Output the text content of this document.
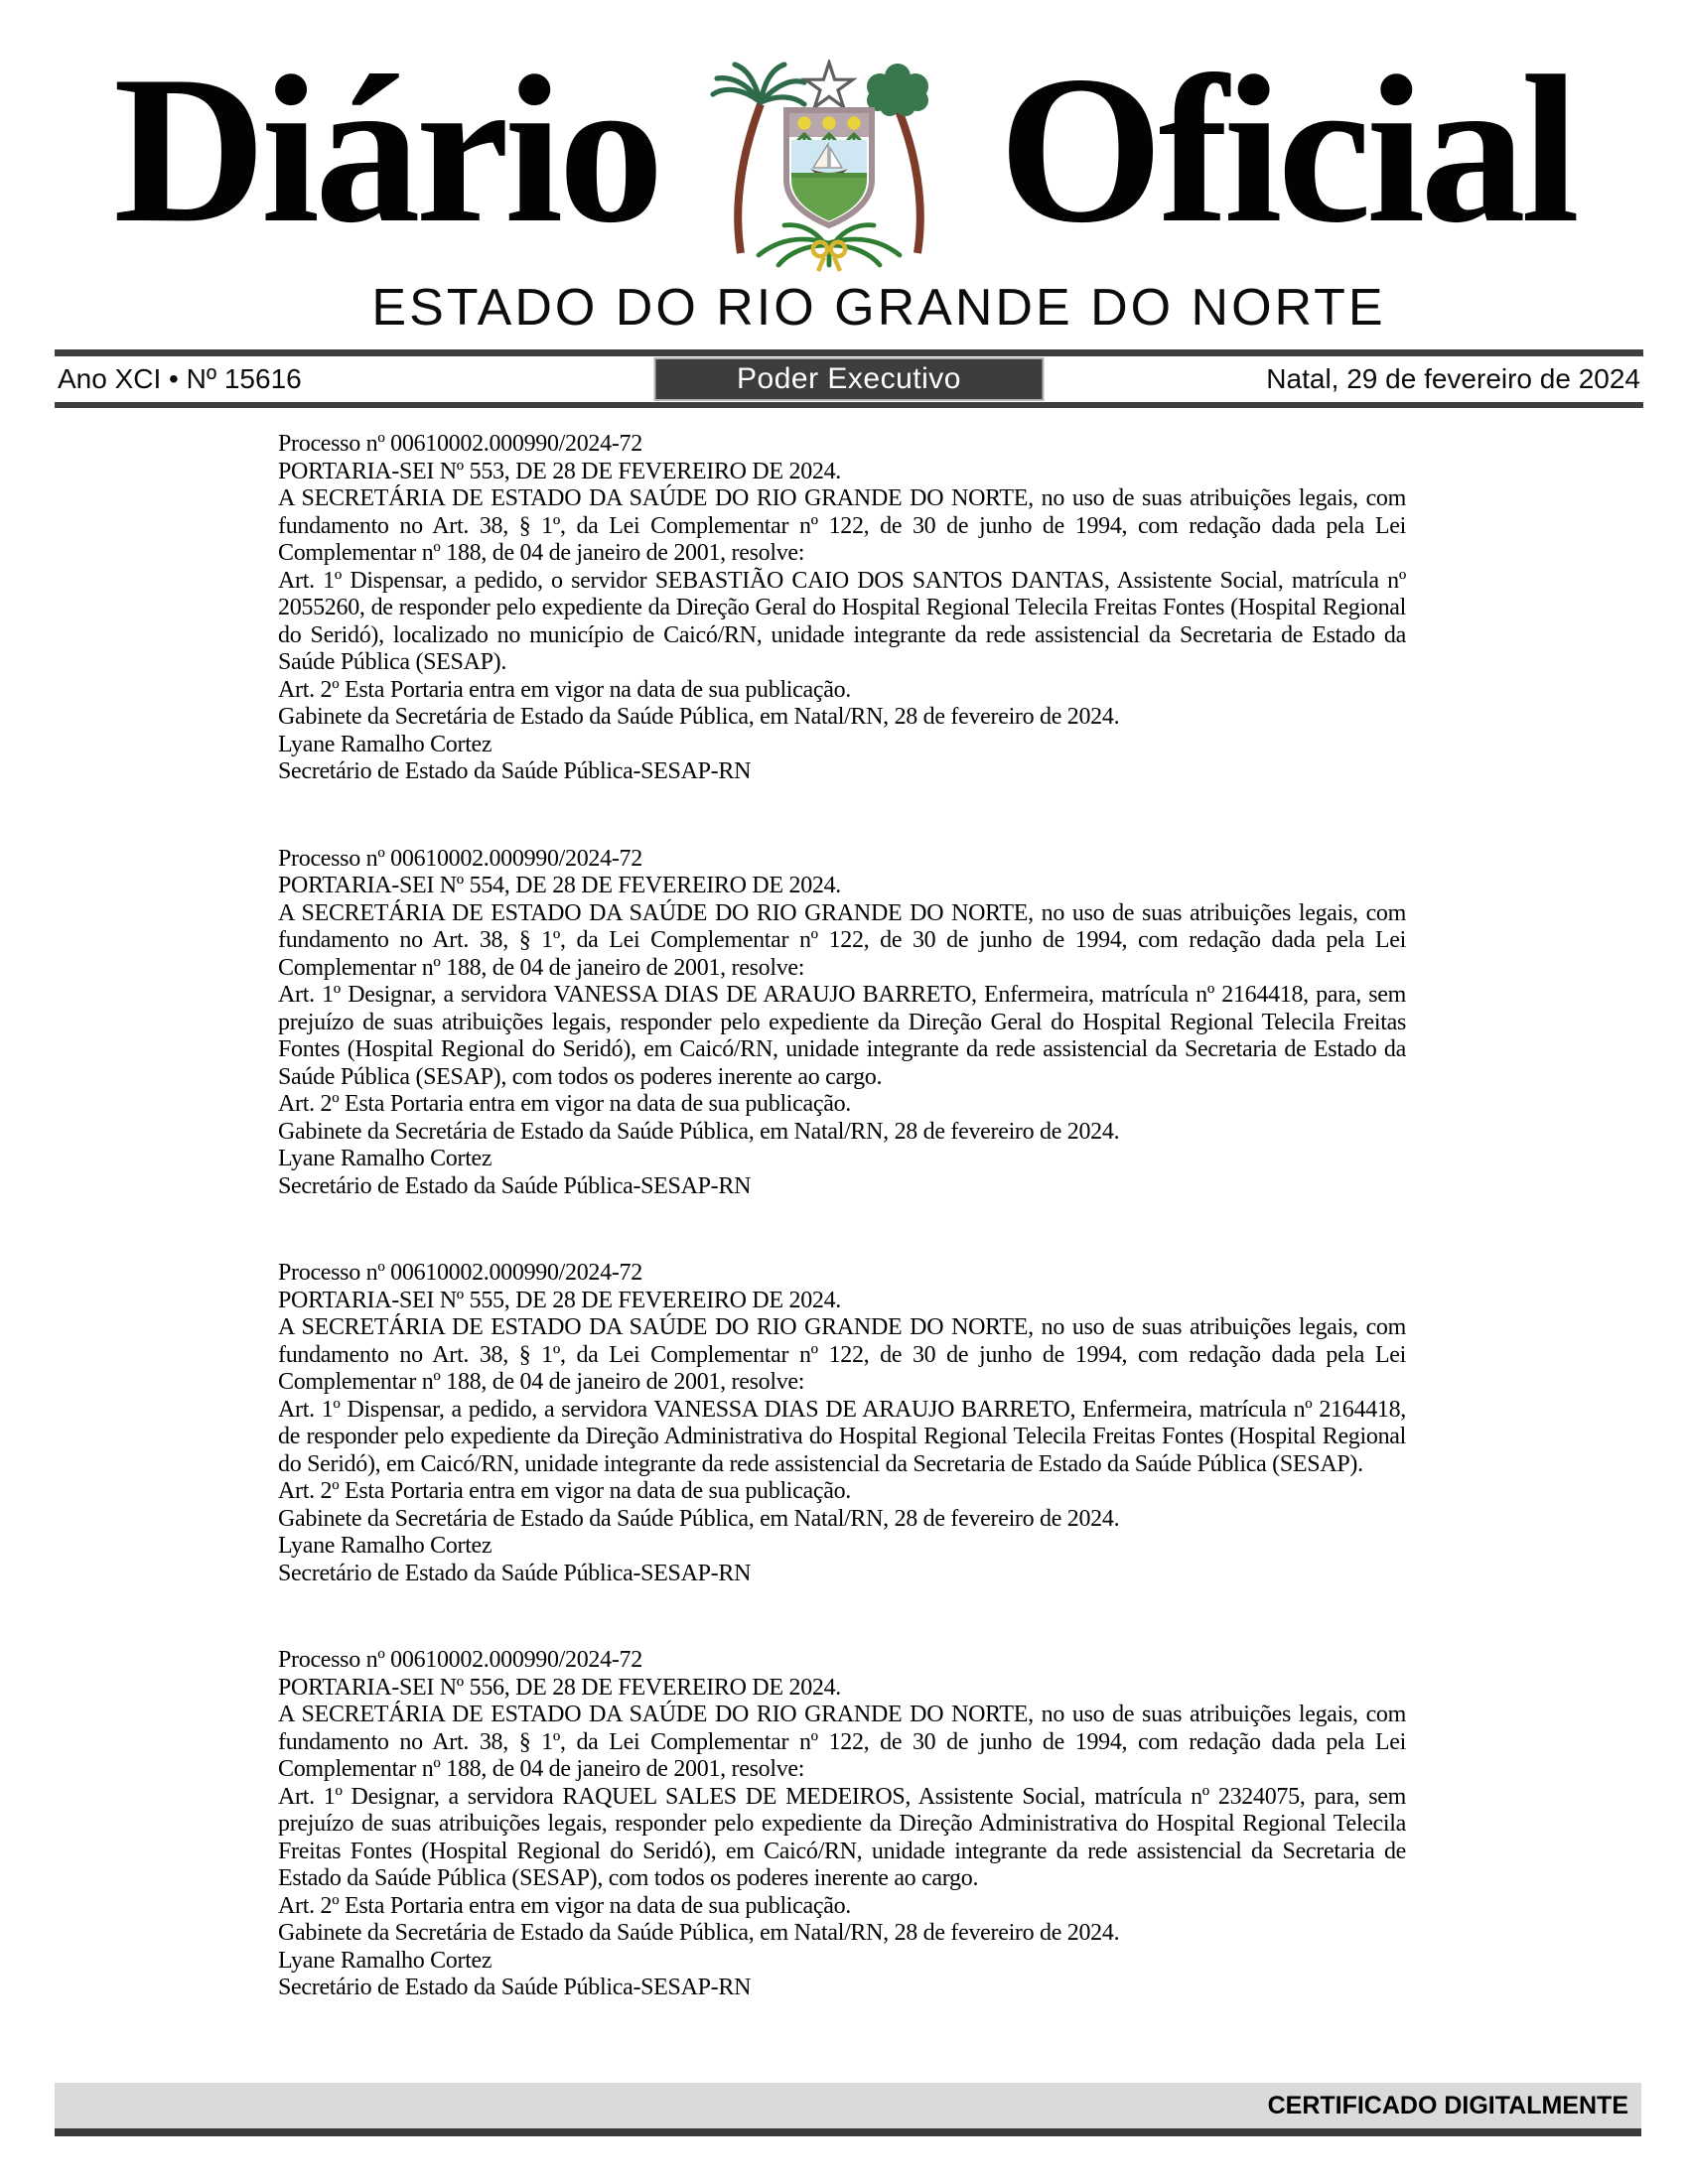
Diário Oficial
ESTADO DO RIO GRANDE DO NORTE
Ano XCI • Nº 15616	Poder Executivo	Natal, 29 de fevereiro de 2024

Processo nº 00610002.000990/2024-72

PORTARIA-SEI Nº 553, DE 28 DE FEVEREIRO DE 2024.

A SECRETÁRIA DE ESTADO DA SAÚDE DO RIO GRANDE DO NORTE, no uso de suas atribuições legais, com fundamento no Art. 38, § 1º, da Lei Complementar nº 122, de 30 de junho de 1994, com redação dada pela Lei Complementar nº 188, de 04 de janeiro de 2001, resolve:

Art. 1º Dispensar, a pedido, o servidor SEBASTIÃO CAIO DOS SANTOS DANTAS, Assistente Social, matrícula nº 2055260, de responder pelo expediente da Direção Geral do Hospital Regional Telecila Freitas Fontes (Hospital Regional do Seridó), localizado no município de Caicó/RN, unidade integrante da rede assistencial da Secretaria de Estado da Saúde Pública (SESAP).

Art. 2º Esta Portaria entra em vigor na data de sua publicação.

Gabinete da Secretária de Estado da Saúde Pública, em Natal/RN, 28 de fevereiro de 2024.

Lyane Ramalho Cortez

Secretário de Estado da Saúde Pública-SESAP-RN

Processo nº 00610002.000990/2024-72

PORTARIA-SEI Nº 554, DE 28 DE FEVEREIRO DE 2024.

A SECRETÁRIA DE ESTADO DA SAÚDE DO RIO GRANDE DO NORTE, no uso de suas atribuições legais, com fundamento no Art. 38, § 1º, da Lei Complementar nº 122, de 30 de junho de 1994, com redação dada pela Lei Complementar nº 188, de 04 de janeiro de 2001, resolve:

Art. 1º Designar, a servidora VANESSA DIAS DE ARAUJO BARRETO, Enfermeira, matrícula nº 2164418, para, sem prejuízo de suas atribuições legais, responder pelo expediente da Direção Geral do Hospital Regional Telecila Freitas Fontes (Hospital Regional do Seridó), em Caicó/RN, unidade integrante da rede assistencial da Secretaria de Estado da Saúde Pública (SESAP), com todos os poderes inerente ao cargo.

Art. 2º Esta Portaria entra em vigor na data de sua publicação.

Gabinete da Secretária de Estado da Saúde Pública, em Natal/RN, 28 de fevereiro de 2024.

Lyane Ramalho Cortez

Secretário de Estado da Saúde Pública-SESAP-RN

Processo nº 00610002.000990/2024-72

PORTARIA-SEI Nº 555, DE 28 DE FEVEREIRO DE 2024.

A SECRETÁRIA DE ESTADO DA SAÚDE DO RIO GRANDE DO NORTE, no uso de suas atribuições legais, com fundamento no Art. 38, § 1º, da Lei Complementar nº 122, de 30 de junho de 1994, com redação dada pela Lei Complementar nº 188, de 04 de janeiro de 2001, resolve:

Art. 1º Dispensar, a pedido, a servidora VANESSA DIAS DE ARAUJO BARRETO, Enfermeira, matrícula nº 2164418, de responder pelo expediente da Direção Administrativa do Hospital Regional Telecila Freitas Fontes (Hospital Regional do Seridó), em Caicó/RN, unidade integrante da rede assistencial da Secretaria de Estado da Saúde Pública (SESAP).

Art. 2º Esta Portaria entra em vigor na data de sua publicação.

Gabinete da Secretária de Estado da Saúde Pública, em Natal/RN, 28 de fevereiro de 2024.

Lyane Ramalho Cortez

Secretário de Estado da Saúde Pública-SESAP-RN

Processo nº 00610002.000990/2024-72

PORTARIA-SEI Nº 556, DE 28 DE FEVEREIRO DE 2024.

A SECRETÁRIA DE ESTADO DA SAÚDE DO RIO GRANDE DO NORTE, no uso de suas atribuições legais, com fundamento no Art. 38, § 1º, da Lei Complementar nº 122, de 30 de junho de 1994, com redação dada pela Lei Complementar nº 188, de 04 de janeiro de 2001, resolve:

Art. 1º Designar, a servidora RAQUEL SALES DE MEDEIROS, Assistente Social, matrícula nº 2324075, para, sem prejuízo de suas atribuições legais, responder pelo expediente da Direção Administrativa do Hospital Regional Telecila Freitas Fontes (Hospital Regional do Seridó), em Caicó/RN, unidade integrante da rede assistencial da Secretaria de Estado da Saúde Pública (SESAP), com todos os poderes inerente ao cargo.

Art. 2º Esta Portaria entra em vigor na data de sua publicação.

Gabinete da Secretária de Estado da Saúde Pública, em Natal/RN, 28 de fevereiro de 2024.

Lyane Ramalho Cortez

Secretário de Estado da Saúde Pública-SESAP-RN

CERTIFICADO DIGITALMENTE
